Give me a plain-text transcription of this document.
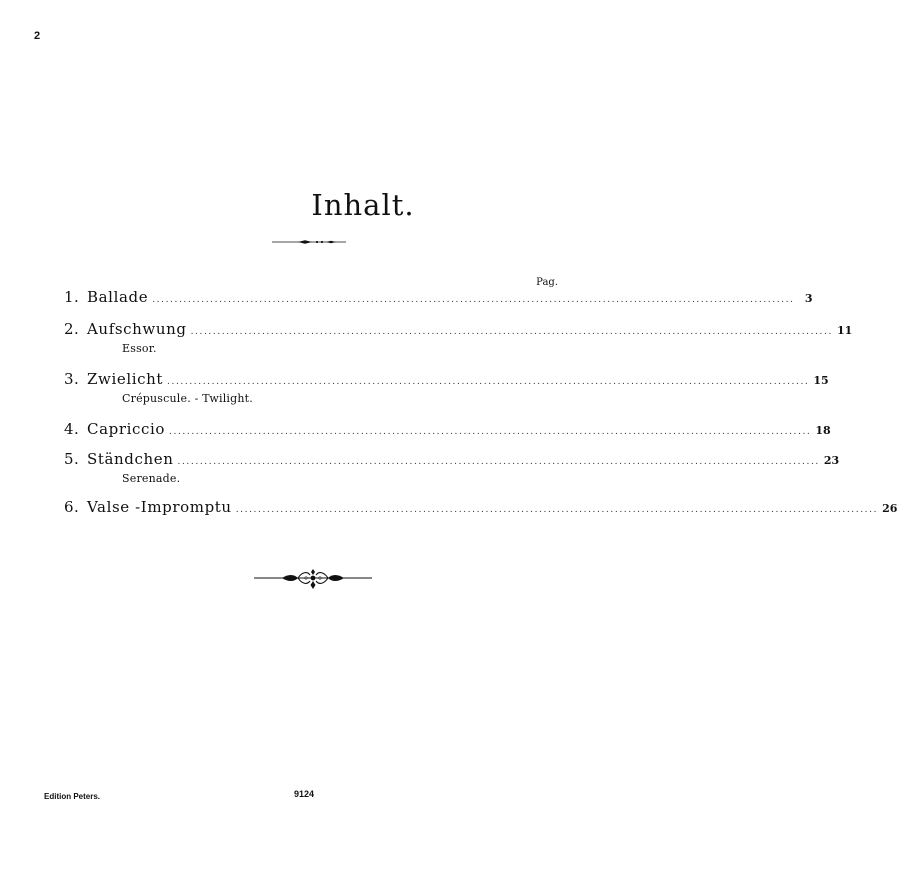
2
Inhalt.
Pag.
1. Ballade ................................................................................................................................................ 3
2. Aufschwung ................................................................................................................................................ 11
Essor.
3. Zwielicht ................................................................................................................................................ 15
Crépuscule. - Twilight.
4. Capriccio ................................................................................................................................................ 18
5. Ständchen ................................................................................................................................................ 23
Serenade.
6. Valse -Impromptu ................................................................................................................................................ 26
Edition Peters.	9124
